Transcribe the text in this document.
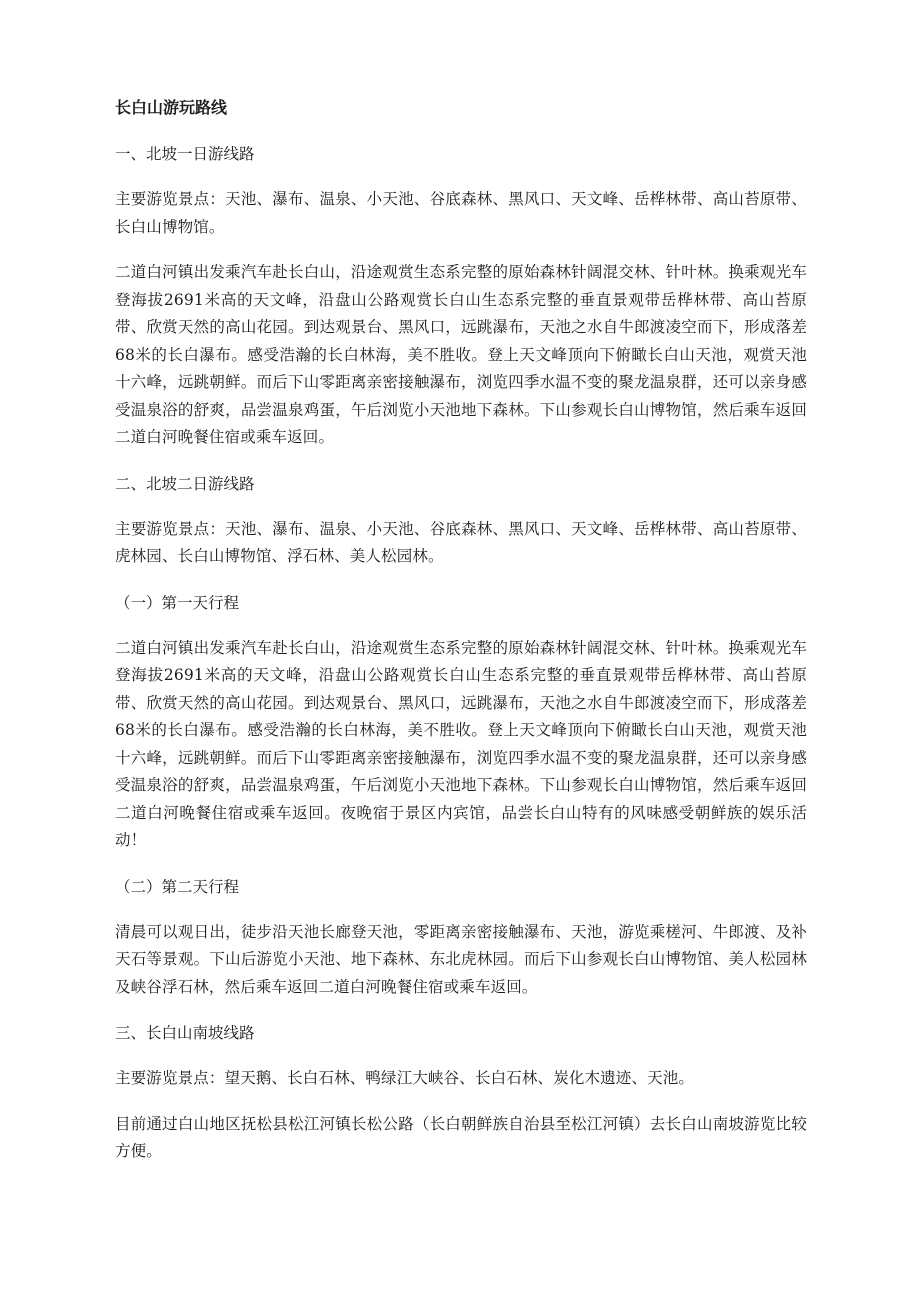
长白山游玩路线
一、北坡一日游线路
主要游览景点：天池、瀑布、温泉、小天池、谷底森林、黑风口、天文峰、岳桦林带、高山苔原带、长白山博物馆。
二道白河镇出发乘汽车赴长白山，沿途观赏生态系完整的原始森林针阔混交林、针叶林。换乘观光车登海拔2691米高的天文峰，沿盘山公路观赏长白山生态系完整的垂直景观带岳桦林带、高山苔原带、欣赏天然的高山花园。到达观景台、黑风口，远跳瀑布，天池之水自牛郎渡凌空而下，形成落差68米的长白瀑布。感受浩瀚的长白林海，美不胜收。登上天文峰顶向下俯瞰长白山天池，观赏天池十六峰，远跳朝鲜。而后下山零距离亲密接触瀑布，浏览四季水温不变的聚龙温泉群，还可以亲身感受温泉浴的舒爽，品尝温泉鸡蛋，午后浏览小天池地下森林。下山参观长白山博物馆，然后乘车返回二道白河晚餐住宿或乘车返回。
二、北坡二日游线路
主要游览景点：天池、瀑布、温泉、小天池、谷底森林、黑风口、天文峰、岳桦林带、高山苔原带、虎林园、长白山博物馆、浮石林、美人松园林。
（一）第一天行程
二道白河镇出发乘汽车赴长白山，沿途观赏生态系完整的原始森林针阔混交林、针叶林。换乘观光车登海拔2691米高的天文峰，沿盘山公路观赏长白山生态系完整的垂直景观带岳桦林带、高山苔原带、欣赏天然的高山花园。到达观景台、黑风口，远跳瀑布，天池之水自牛郎渡凌空而下，形成落差68米的长白瀑布。感受浩瀚的长白林海，美不胜收。登上天文峰顶向下俯瞰长白山天池，观赏天池十六峰，远跳朝鲜。而后下山零距离亲密接触瀑布，浏览四季水温不变的聚龙温泉群，还可以亲身感受温泉浴的舒爽，品尝温泉鸡蛋，午后浏览小天池地下森林。下山参观长白山博物馆，然后乘车返回二道白河晚餐住宿或乘车返回。夜晚宿于景区内宾馆，品尝长白山特有的风味感受朝鲜族的娱乐活动！
（二）第二天行程
清晨可以观日出，徒步沿天池长廊登天池，零距离亲密接触瀑布、天池，游览乘槎河、牛郎渡、及补天石等景观。下山后游览小天池、地下森林、东北虎林园。而后下山参观长白山博物馆、美人松园林及峡谷浮石林，然后乘车返回二道白河晚餐住宿或乘车返回。
三、长白山南坡线路
主要游览景点：望天鹅、长白石林、鸭绿江大峡谷、长白石林、炭化木遗迹、天池。
目前通过白山地区抚松县松江河镇长松公路（长白朝鲜族自治县至松江河镇）去长白山南坡游览比较方便。
